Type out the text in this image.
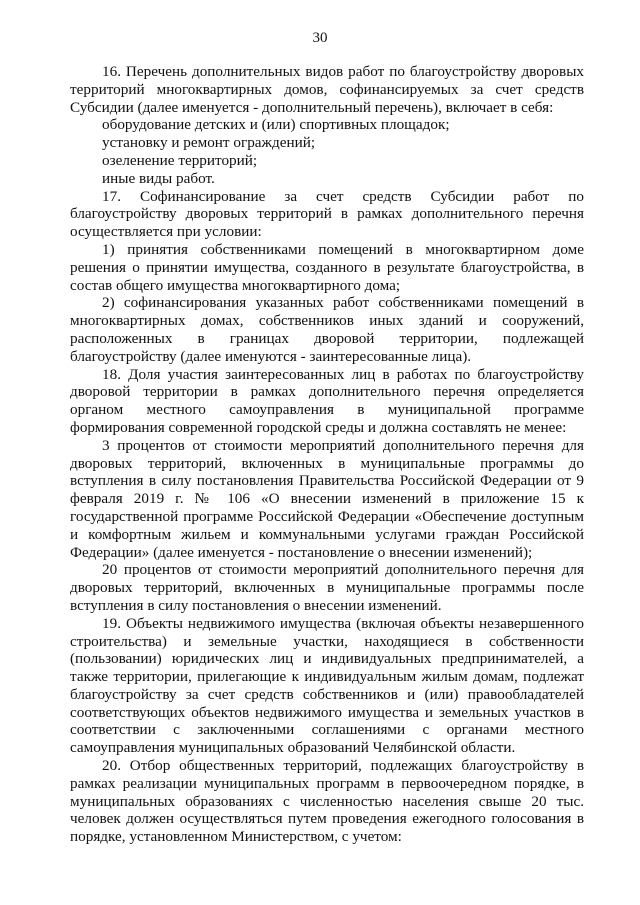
30

16. Перечень дополнительных видов работ по благоустройству дворовых территорий многоквартирных домов, софинансируемых за счет средств Субсидии (далее именуется - дополнительный перечень), включает в себя:

оборудование детских и (или) спортивных площадок;

установку и ремонт ограждений;

озеленение территорий;

иные виды работ.

17. Софинансирование за счет средств Субсидии работ по благоустройству дворовых территорий в рамках дополнительного перечня осуществляется при условии:

1) принятия собственниками помещений в многоквартирном доме решения о принятии имущества, созданного в результате благоустройства, в состав общего имущества многоквартирного дома;

2) софинансирования указанных работ собственниками помещений в многоквартирных домах, собственников иных зданий и сооружений, расположенных в границах дворовой территории, подлежащей благоустройству (далее именуются - заинтересованные лица).

18. Доля участия заинтересованных лиц в работах по благоустройству дворовой территории в рамках дополнительного перечня определяется органом местного самоуправления в муниципальной программе формирования современной городской среды и должна составлять не менее:

3 процентов от стоимости мероприятий дополнительного перечня для дворовых территорий, включенных в муниципальные программы до вступления в силу постановления Правительства Российской Федерации от 9 февраля 2019 г. № 106 «О внесении изменений в приложение 15 к государственной программе Российской Федерации «Обеспечение доступным и комфортным жильем и коммунальными услугами граждан Российской Федерации» (далее именуется - постановление о внесении изменений);

20 процентов от стоимости мероприятий дополнительного перечня для дворовых территорий, включенных в муниципальные программы после вступления в силу постановления о внесении изменений.

19. Объекты недвижимого имущества (включая объекты незавершенного строительства) и земельные участки, находящиеся в собственности (пользовании) юридических лиц и индивидуальных предпринимателей, а также территории, прилегающие к индивидуальным жилым домам, подлежат благоустройству за счет средств собственников и (или) правообладателей соответствующих объектов недвижимого имущества и земельных участков в соответствии с заключенными соглашениями с органами местного самоуправления муниципальных образований Челябинской области.

20. Отбор общественных территорий, подлежащих благоустройству в рамках реализации муниципальных программ в первоочередном порядке, в муниципальных образованиях с численностью населения свыше 20 тыс. человек должен осуществляться путем проведения ежегодного голосования в порядке, установленном Министерством, с учетом:
